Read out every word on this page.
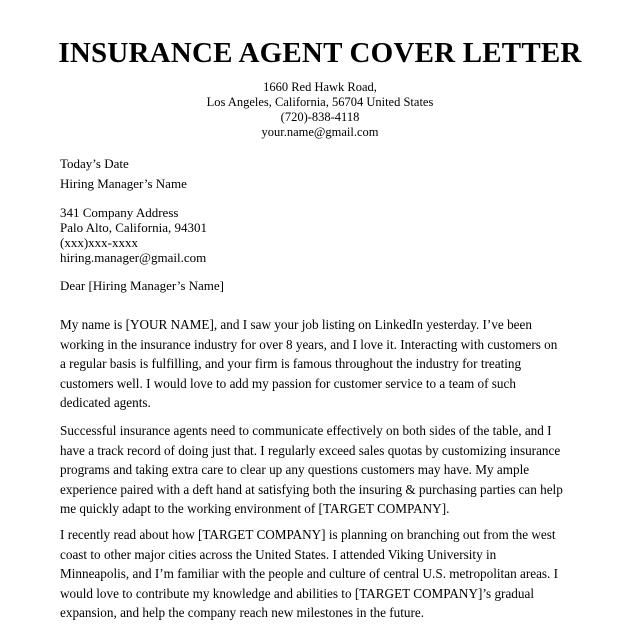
INSURANCE AGENT COVER LETTER
1660 Red Hawk Road,
Los Angeles, California, 56704 United States
(720)-838-4118
your.name@gmail.com
Today’s Date
Hiring Manager’s Name
341 Company Address
Palo Alto, California, 94301
(xxx)xxx-xxxx
hiring.manager@gmail.com
Dear [Hiring Manager’s Name]
My name is [YOUR NAME], and I saw your job listing on LinkedIn yesterday. I’ve been
working in the insurance industry for over 8 years, and I love it. Interacting with customers on
a regular basis is fulfilling, and your firm is famous throughout the industry for treating
customers well. I would love to add my passion for customer service to a team of such
dedicated agents.
Successful insurance agents need to communicate effectively on both sides of the table, and I
have a track record of doing just that. I regularly exceed sales quotas by customizing insurance
programs and taking extra care to clear up any questions customers may have. My ample
experience paired with a deft hand at satisfying both the insuring & purchasing parties can help
me quickly adapt to the working environment of [TARGET COMPANY].
I recently read about how [TARGET COMPANY] is planning on branching out from the west
coast to other major cities across the United States. I attended Viking University in
Minneapolis, and I’m familiar with the people and culture of central U.S. metropolitan areas. I
would love to contribute my knowledge and abilities to [TARGET COMPANY]’s gradual
expansion, and help the company reach new milestones in the future.
